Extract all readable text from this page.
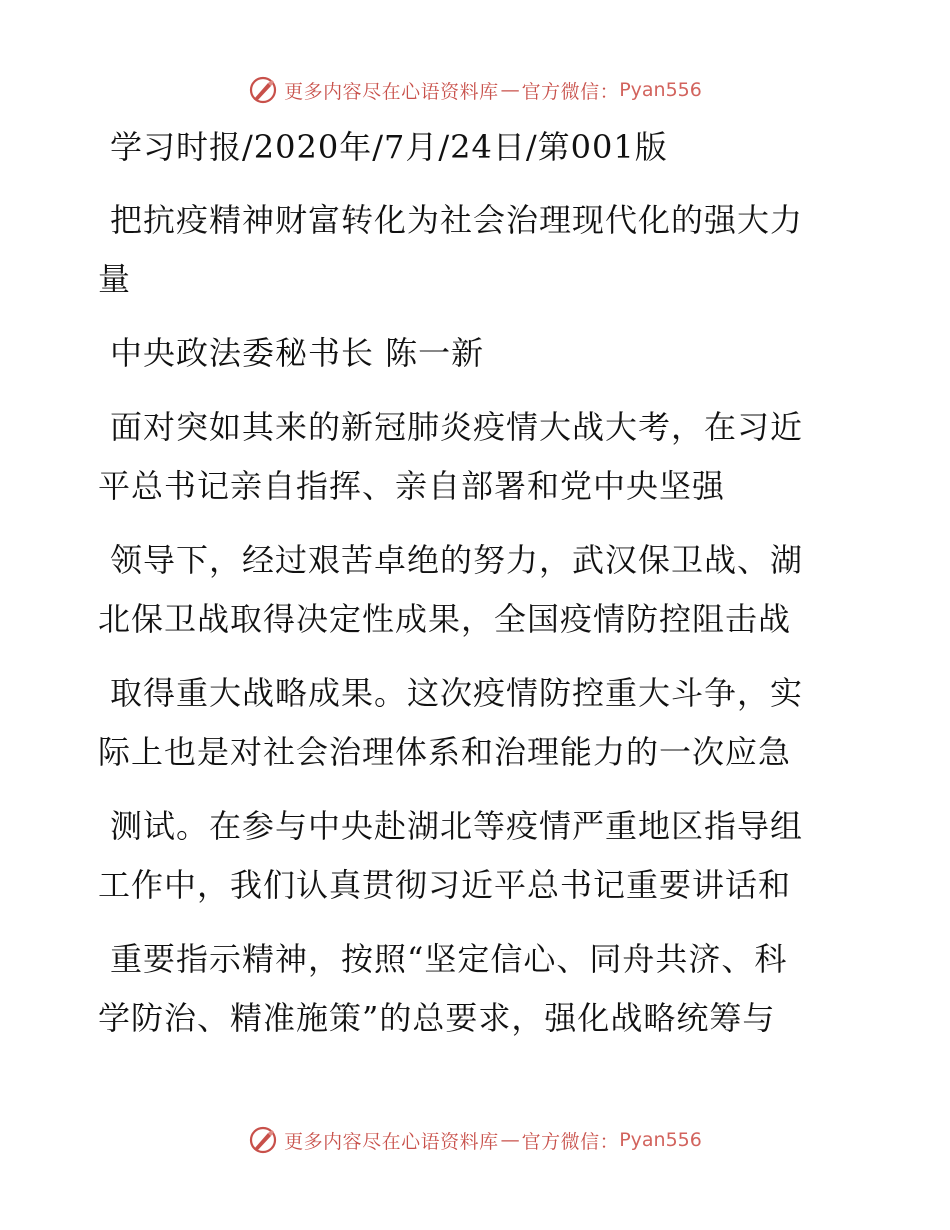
更多内容尽在心语资料库 — 官方微信： Pyan556
学习时报/2020年/7月/24日/第001版
把抗疫精神财富转化为社会治理现代化的强大力
量
中央政法委秘书长 陈一新
面对突如其来的新冠肺炎疫情大战大考，在习近
平总书记亲自指挥、亲自部署和党中央坚强
领导下，经过艰苦卓绝的努力，武汉保卫战、湖
北保卫战取得决定性成果，全国疫情防控阻击战
取得重大战略成果。这次疫情防控重大斗争，实
际上也是对社会治理体系和治理能力的一次应急
测试。在参与中央赴湖北等疫情严重地区指导组
工作中，我们认真贯彻习近平总书记重要讲话和
重要指示精神，按照“坚定信心、同舟共济、科
学防治、精准施策”的总要求，强化战略统筹与
更多内容尽在心语资料库 — 官方微信： Pyan556
